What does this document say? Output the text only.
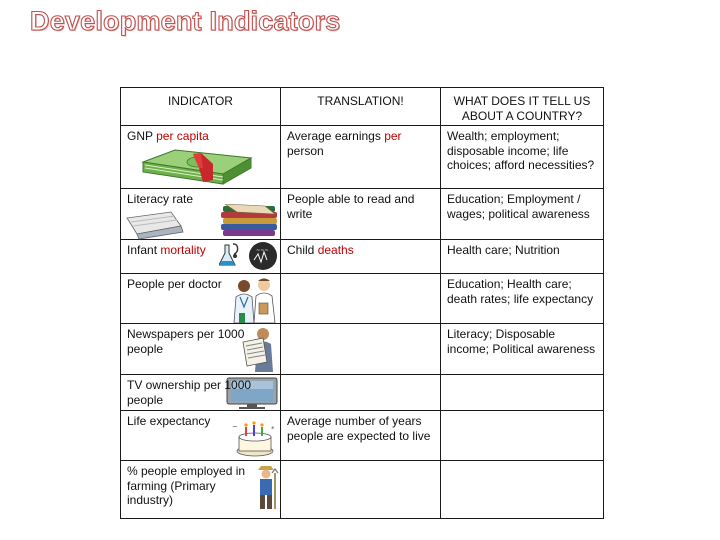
Development Indicators
INDICATOR	TRANSLATION!	WHAT DOES IT TELL US ABOUT A COUNTRY?

GNP per capita	Average earnings per person	Wealth; employment; disposable income; life choices; afford necessities?

Literacy rate	People able to read and write	Education; Employment / wages; political awareness

Infant mortality ~~~	Child deaths	Health care; Nutrition

People per doctor		Education; Health care; death rates; life expectancy

Newspapers per 1000 people		Literacy; Disposable income; Political awareness

TV ownership per 1000 people		

Life expectancy ~ *	Average number of years people are expected to live	

% people employed in farming (Primary industry)		
